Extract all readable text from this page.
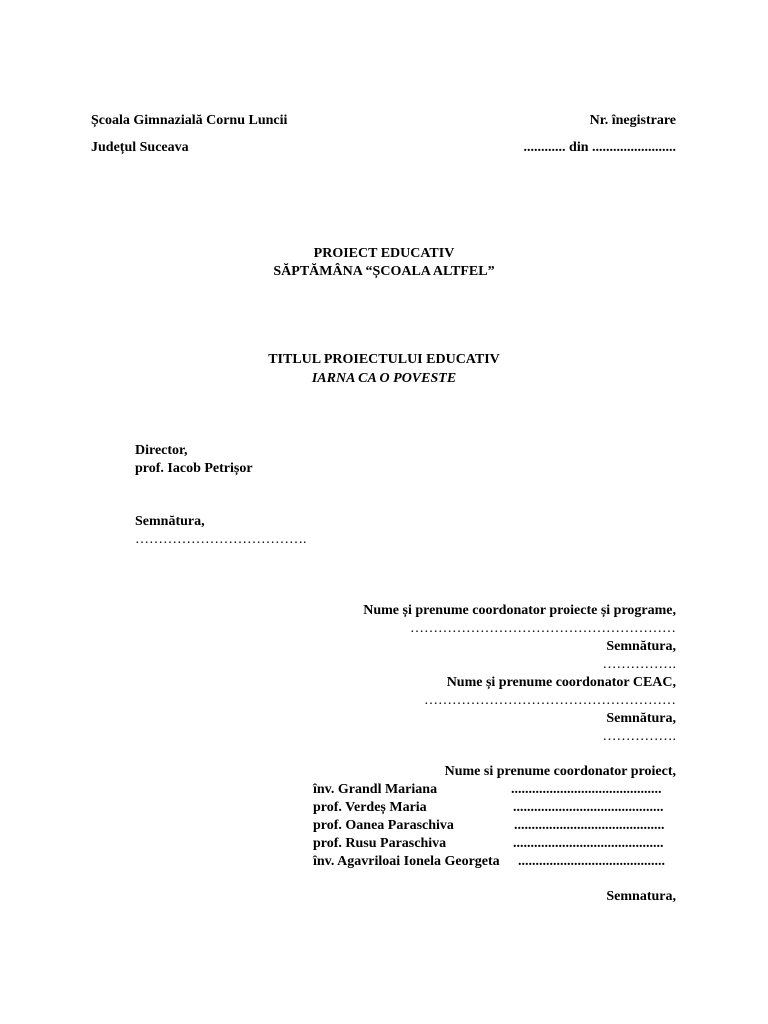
Școala Gimnazială Cornu Luncii	Nr. înegistrare
Județul Suceava	............ din ........................
PROIECT EDUCATIV
SĂPTĂMÂNA “ȘCOALA ALTFEL”
TITLUL PROIECTULUI EDUCATIV
IARNA CA O POVESTE
Director,
prof. Iacob Petrișor
Semnătura,
……………………………….
Nume și prenume coordonator proiecte și programe,
…………………………………………………
Semnătura,
…………….
Nume și prenume coordonator CEAC,
………………………………………………
Semnătura,
…………….
Nume si prenume coordonator proiect,
înv. Grandl Mariana	...........................................
prof. Verdeș Maria	...........................................
prof. Oanea Paraschiva	...........................................
prof. Rusu Paraschiva	...........................................
înv. Agavriloai Ionela Georgeta ..........................................
Semnatura,
